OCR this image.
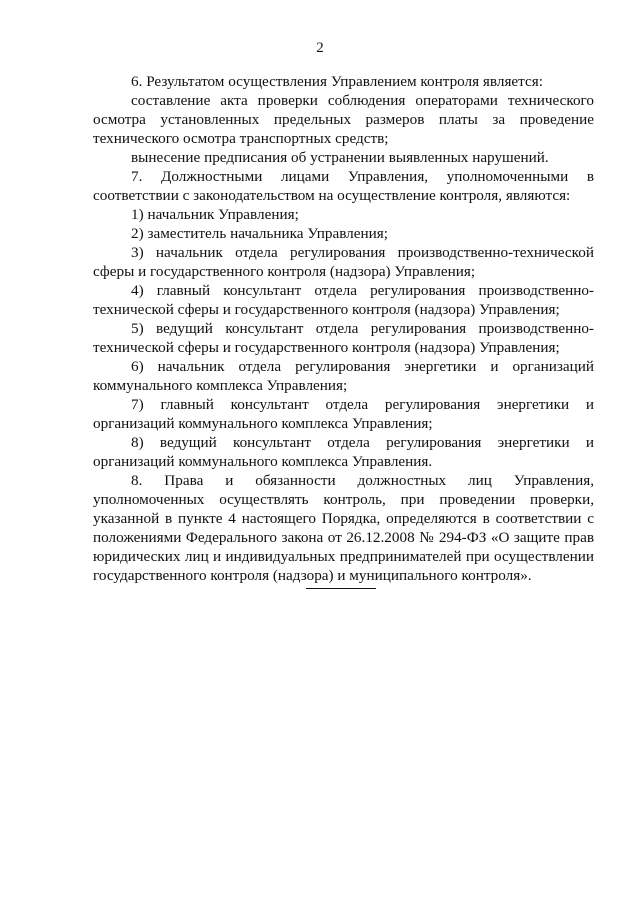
2

6. Результатом осуществления Управлением контроля является:

составление акта проверки соблюдения операторами технического осмотра установленных предельных размеров платы за проведение технического осмотра транспортных средств;

вынесение предписания об устранении выявленных нарушений.

7. Должностными лицами Управления, уполномоченными в соответствии с законодательством на осуществление контроля, являются:

1) начальник Управления;

2) заместитель начальника Управления;

3) начальник отдела регулирования производственно-технической сферы и государственного контроля (надзора) Управления;

4) главный консультант отдела регулирования производственно-технической сферы и государственного контроля (надзора) Управления;

5) ведущий консультант отдела регулирования производственно-технической сферы и государственного контроля (надзора) Управления;

6) начальник отдела регулирования энергетики и организаций коммунального комплекса Управления;

7) главный консультант отдела регулирования энергетики и организаций коммунального комплекса Управления;

8) ведущий консультант отдела регулирования энергетики и организаций коммунального комплекса Управления.

8. Права и обязанности должностных лиц Управления, уполномоченных осуществлять контроль, при проведении проверки, указанной в пункте 4 настоящего Порядка, определяются в соответствии с положениями Федерального закона от 26.12.2008 № 294-ФЗ «О защите прав юридических лиц и индивидуальных предпринимателей при осуществлении государственного контроля (надзора) и муниципального контроля».
